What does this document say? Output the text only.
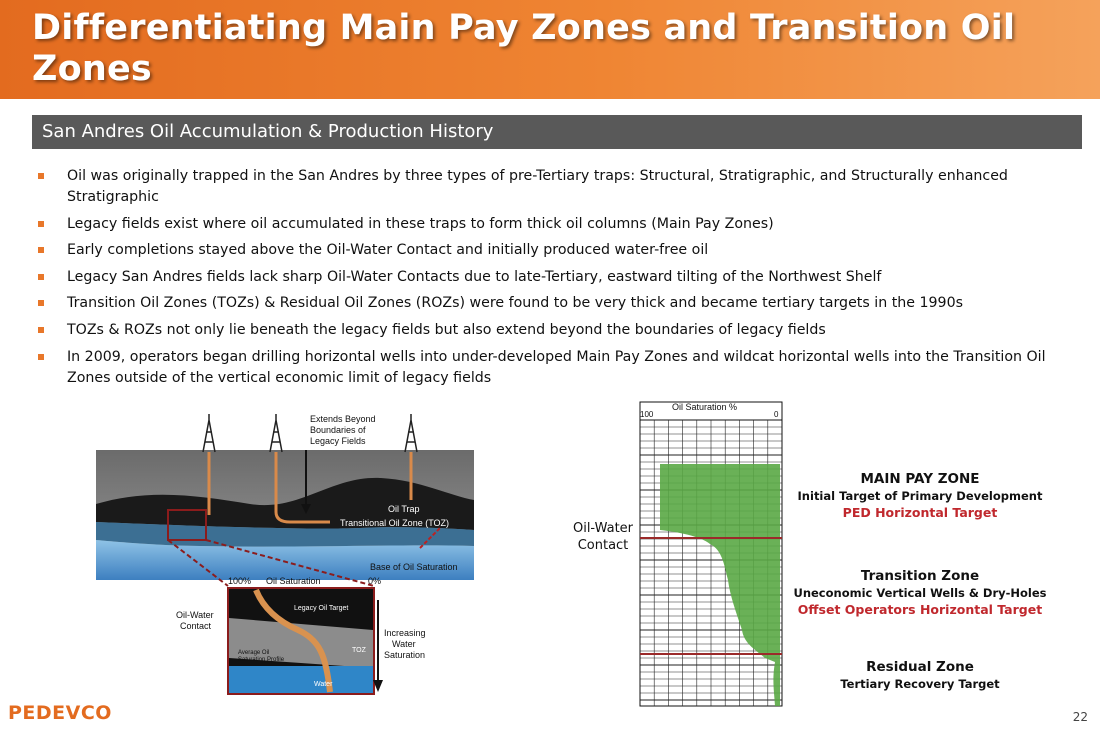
Differentiating Main Pay Zones and Transition Oil Zones
San Andres Oil Accumulation & Production History
Oil was originally trapped in the San Andres by three types of pre-Tertiary traps: Structural, Stratigraphic, and Structurally enhanced Stratigraphic
Legacy fields exist where oil accumulated in these traps to form thick oil columns (Main Pay Zones)
Early completions stayed above the Oil-Water Contact and initially produced water-free oil
Legacy San Andres fields lack sharp Oil-Water Contacts due to late-Tertiary, eastward tilting of the Northwest Shelf
Transition Oil Zones (TOZs) & Residual Oil Zones (ROZs) were found to be very thick and became tertiary targets in the 1990s
TOZs & ROZs not only lie beneath the legacy fields but also extend beyond the boundaries of legacy fields
In 2009, operators began drilling horizontal wells into under-developed Main Pay Zones and wildcat horizontal wells into the Transition Oil Zones outside of the vertical economic limit of legacy fields
Extends Beyond
Boundaries of
Legacy Fields
Oil Trap
Transitional Oil Zone (TOZ)
Base of Oil Saturation
100% Oil Saturation	0%
Legacy Oil Target
Average Oil
Saturation Profile
TOZ
Water
Oil-Water
Contact
Increasing
Water
Saturation
Oil Saturation %
100	0
Oil-Water
Contact
MAIN PAY ZONE
Initial Target of Primary Development
PED Horizontal Target
Transition Zone
Uneconomic Vertical Wells & Dry-Holes
Offset Operators Horizontal Target
Residual Zone
Tertiary Recovery Target
PEDEVCO	22
